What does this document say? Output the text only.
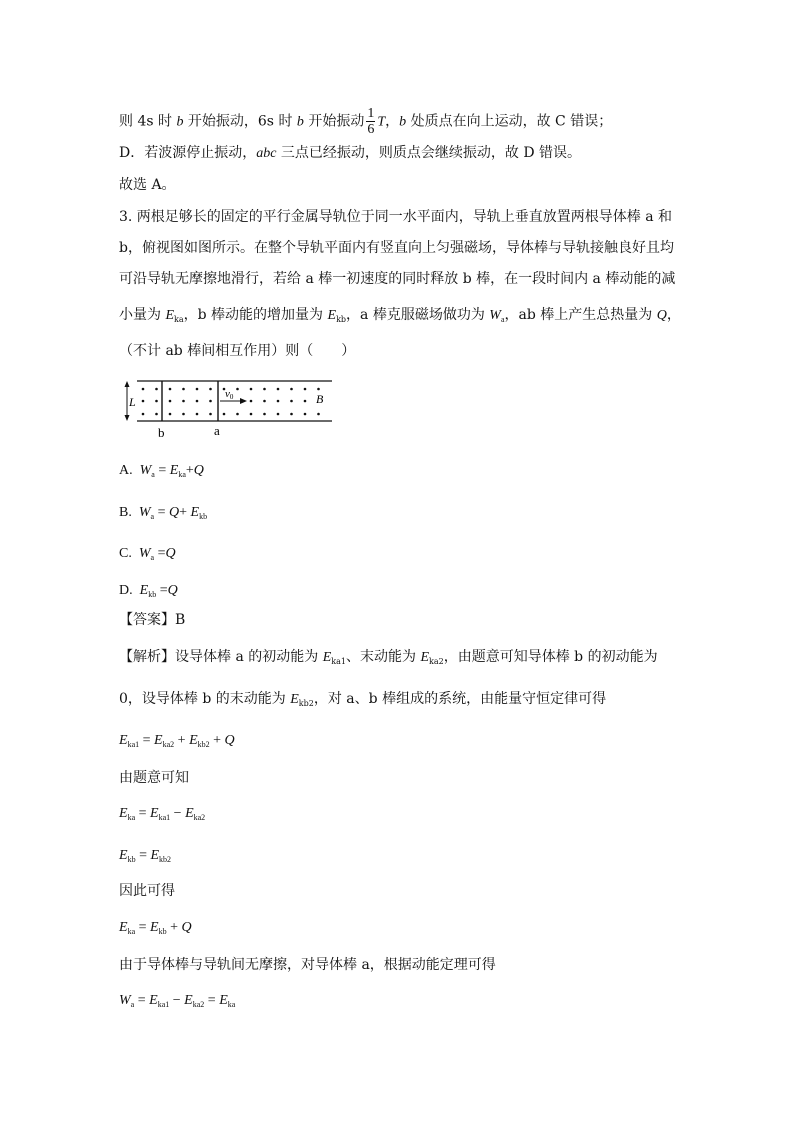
则 4s 时 b 开始振动，6s 时 b 开始振动 $\frac{1}{6}$ T，b 处质点在向上运动，故 C 错误；
D．若波源停止振动，abc 三点已经振动，则质点会继续振动，故 D 错误。
故选 A。
3. 两根足够长的固定的平行金属导轨位于同一水平面内，导轨上垂直放置两根导体棒 a 和
b，俯视图如图所示。在整个导轨平面内有竖直向上匀强磁场，导体棒与导轨接触良好且均
可沿导轨无摩擦地滑行，若给 a 棒一初速度的同时释放 b 棒，在一段时间内 a 棒动能的减
小量为 $E_{ka}$，b 棒动能的增加量为 $E_{kb}$，a 棒克服磁场做功为 $W_a$，ab 棒上产生总热量为 Q，
（不计 ab 棒间相互作用）则（　　）
L
v0	B
b	a
A. $W_a = E_{ka}+Q$
B. $W_a = Q+ E_{kb}$
C. $W_a =Q$
D. $E_{kb} =Q$
【答案】B
【解析】设导体棒 a 的初动能为 $E_{ka1}$、末动能为 $E_{ka2}$，由题意可知导体棒 b 的初动能为
0，设导体棒 b 的末动能为 $E_{kb2}$，对 a、b 棒组成的系统，由能量守恒定律可得
$E_{ka1} = E_{ka2} + E_{kb2} + Q$
由题意可知
$E_{ka} = E_{ka1} - E_{ka2}$
$E_{kb} = E_{kb2}$
因此可得
$E_{ka} = E_{kb} + Q$
由于导体棒与导轨间无摩擦，对导体棒 a，根据动能定理可得
$W_a = E_{ka1} - E_{ka2} = E_{ka}$
